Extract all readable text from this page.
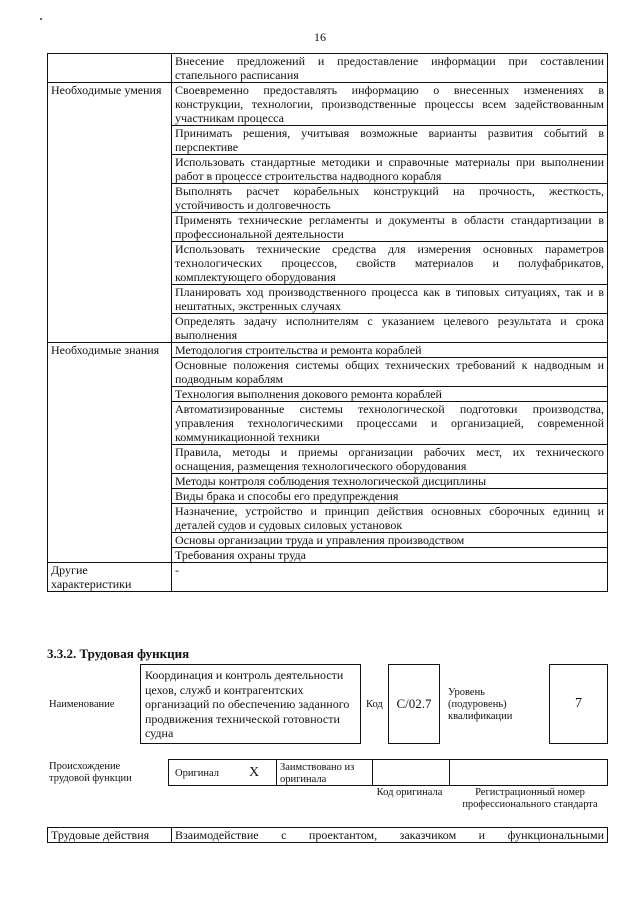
16
	Внесение предложений и предоставление информации при составлении стапельного расписания
Необходимые умения	Своевременно предоставлять информацию о внесенных изменениях в конструкции, технологии, производственные процессы всем задействованным участникам процесса
	Принимать решения, учитывая возможные варианты развития событий в перспективе
	Использовать стандартные методики и справочные материалы при выполнении работ в процессе строительства надводного корабля
	Выполнять расчет корабельных конструкций на прочность, жесткость, устойчивость и долговечность
	Применять технические регламенты и документы в области стандартизации в профессиональной деятельности
	Использовать технические средства для измерения основных параметров технологических процессов, свойств материалов и полуфабрикатов, комплектующего оборудования
	Планировать ход производственного процесса как в типовых ситуациях, так и в нештатных, экстренных случаях
	Определять задачу исполнителям с указанием целевого результата и срока выполнения
Необходимые знания	Методология строительства и ремонта кораблей
	Основные положения системы общих технических требований к надводным и подводным кораблям
	Технология выполнения докового ремонта кораблей
	Автоматизированные системы технологической подготовки производства, управления технологическими процессами и организацией, современной коммуникационной техники
	Правила, методы и приемы организации рабочих мест, их технического оснащения, размещения технологического оборудования
	Методы контроля соблюдения технологической дисциплины
	Виды брака и способы его предупреждения
	Назначение, устройство и принцип действия основных сборочных единиц и деталей судов и судовых силовых установок
	Основы организации труда и управления производством
	Требования охраны труда
Другие характеристики	-
3.3.2. Трудовая функция
Наименование
Координация и контроль деятельности цехов, служб и контрагентских организаций по обеспечению заданного продвижения технической готовности судна
Код	С/02.7
Уровень (подуровень) квалификации
7
Происхождение трудовой функции	Оригинал Х Заимствовано из оригинала
Код оригинала	Регистрационный номер профессионального стандарта
Трудовые действия	Взаимодействие с проектантом, заказчиком и функциональными
